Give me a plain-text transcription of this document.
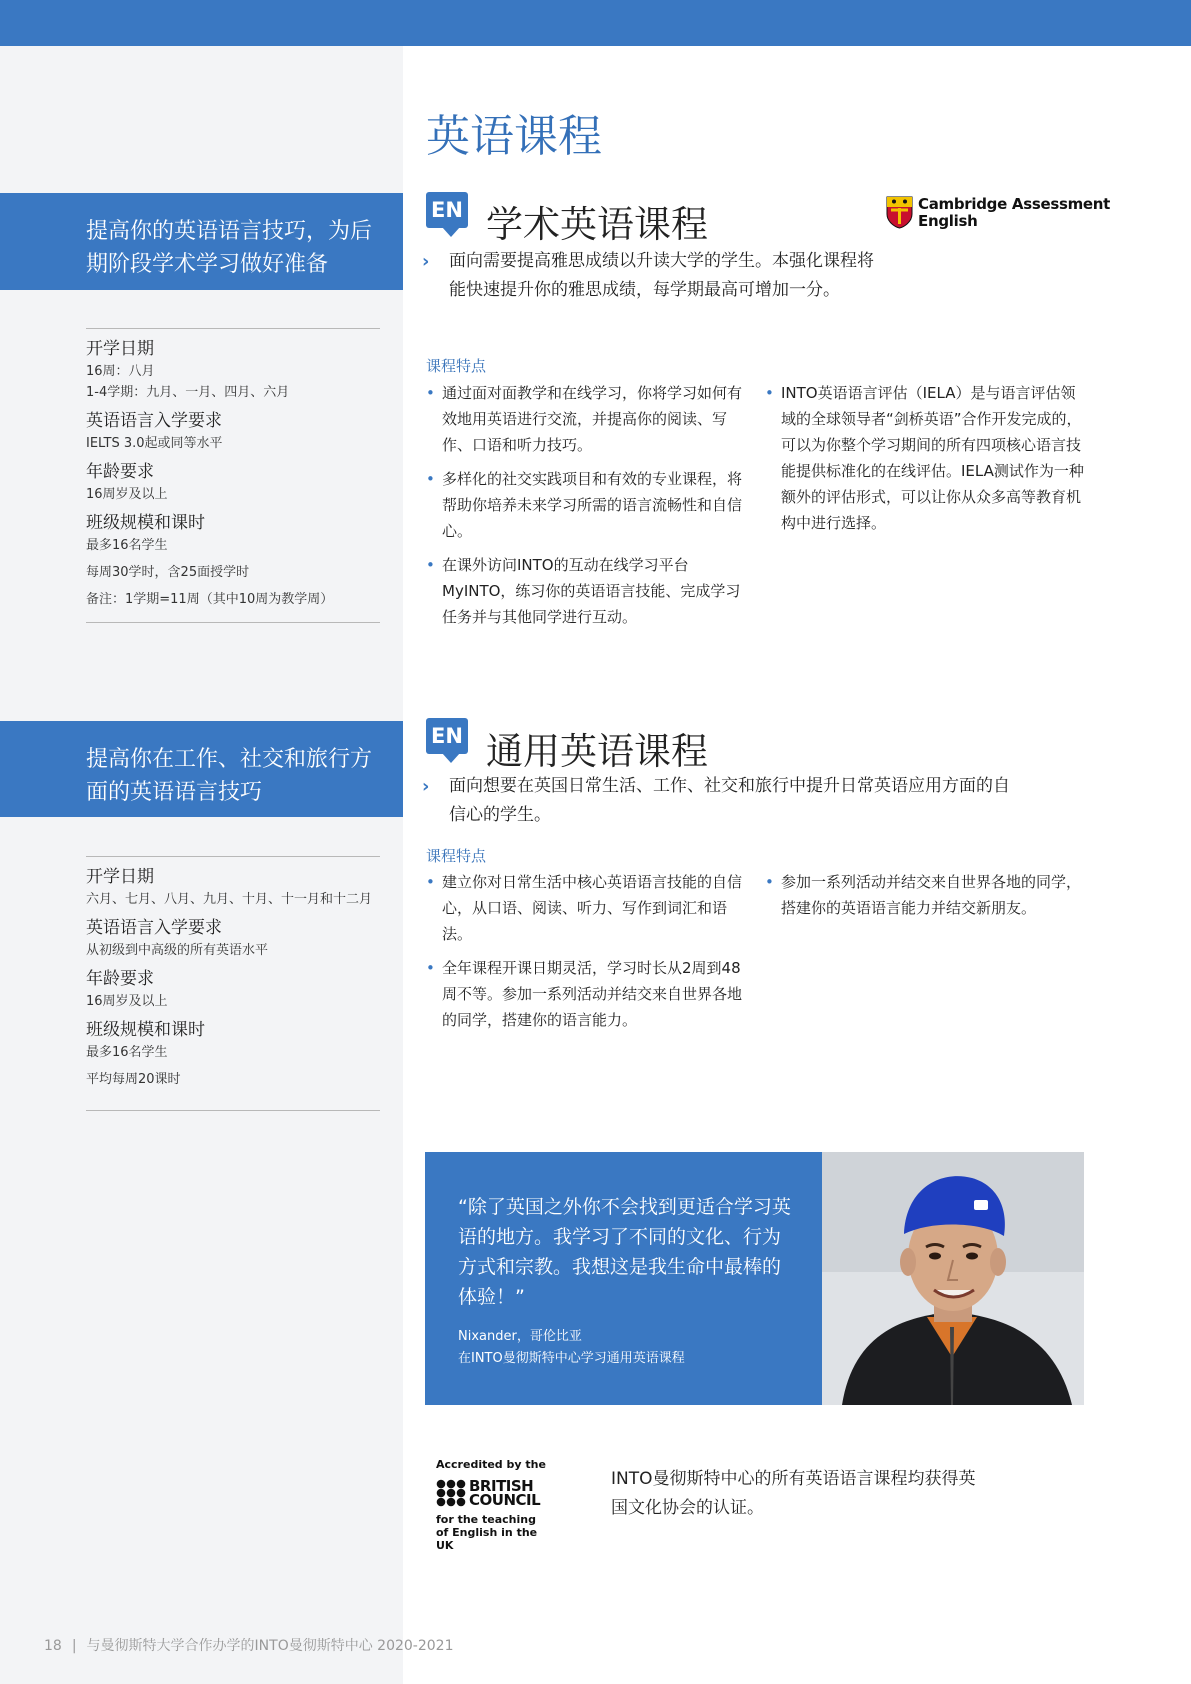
英语课程
提高你的英语语言技巧，为后期阶段学术学习做好准备
开学日期
16周：八月
1-4学期：九月、一月、四月、六月
英语语言入学要求
IELTS 3.0起或同等水平
年龄要求
16周岁及以上
班级规模和课时
最多16名学生
每周30学时，含25面授学时
备注：1学期=11周（其中10周为教学周）
EN 学术英语课程	Cambridge Assessment
English
› 面向需要提高雅思成绩以升读大学的学生。本强化课程将能快速提升你的雅思成绩，每学期最高可增加一分。
课程特点
• 通过面对面教学和在线学习，你将学习如何有效地用英语进行交流，并提高你的阅读、写作、口语和听力技巧。
• 多样化的社交实践项目和有效的专业课程，将帮助你培养未来学习所需的语言流畅性和自信心。
• 在课外访问INTO的互动在线学习平台MyINTO，练习你的英语语言技能、完成学习任务并与其他同学进行互动。
• INTO英语语言评估（IELA）是与语言评估领域的全球领导者“剑桥英语”合作开发完成的，可以为你整个学习期间的所有四项核心语言技能提供标准化的在线评估。IELA测试作为一种额外的评估形式，可以让你从众多高等教育机构中进行选择。
提高你在工作、社交和旅行方面的英语语言技巧
开学日期
六月、七月、八月、九月、十月、十一月和十二月
英语语言入学要求
从初级到中高级的所有英语水平
年龄要求
16周岁及以上
班级规模和课时
最多16名学生
平均每周20课时
EN 通用英语课程
› 面向想要在英国日常生活、工作、社交和旅行中提升日常英语应用方面的自信心的学生。
课程特点
• 建立你对日常生活中核心英语语言技能的自信心，从口语、阅读、听力、写作到词汇和语法。
• 全年课程开课日期灵活，学习时长从2周到48周不等。参加一系列活动并结交来自世界各地的同学，搭建你的语言能力。
• 参加一系列活动并结交来自世界各地的同学，搭建你的英语语言能力并结交新朋友。
“除了英国之外你不会找到更适合学习英语的地方。我学习了不同的文化、行为方式和宗教。我想这是我生命中最棒的体验！”
Nixander，哥伦比亚
在INTO曼彻斯特中心学习通用英语课程
Accredited by the
BRITISH
COUNCIL
for the teaching
of English in the UK
INTO曼彻斯特中心的所有英语语言课程均获得英国文化协会的认证。
18 | 与曼彻斯特大学合作办学的INTO曼彻斯特中心 2020-2021
